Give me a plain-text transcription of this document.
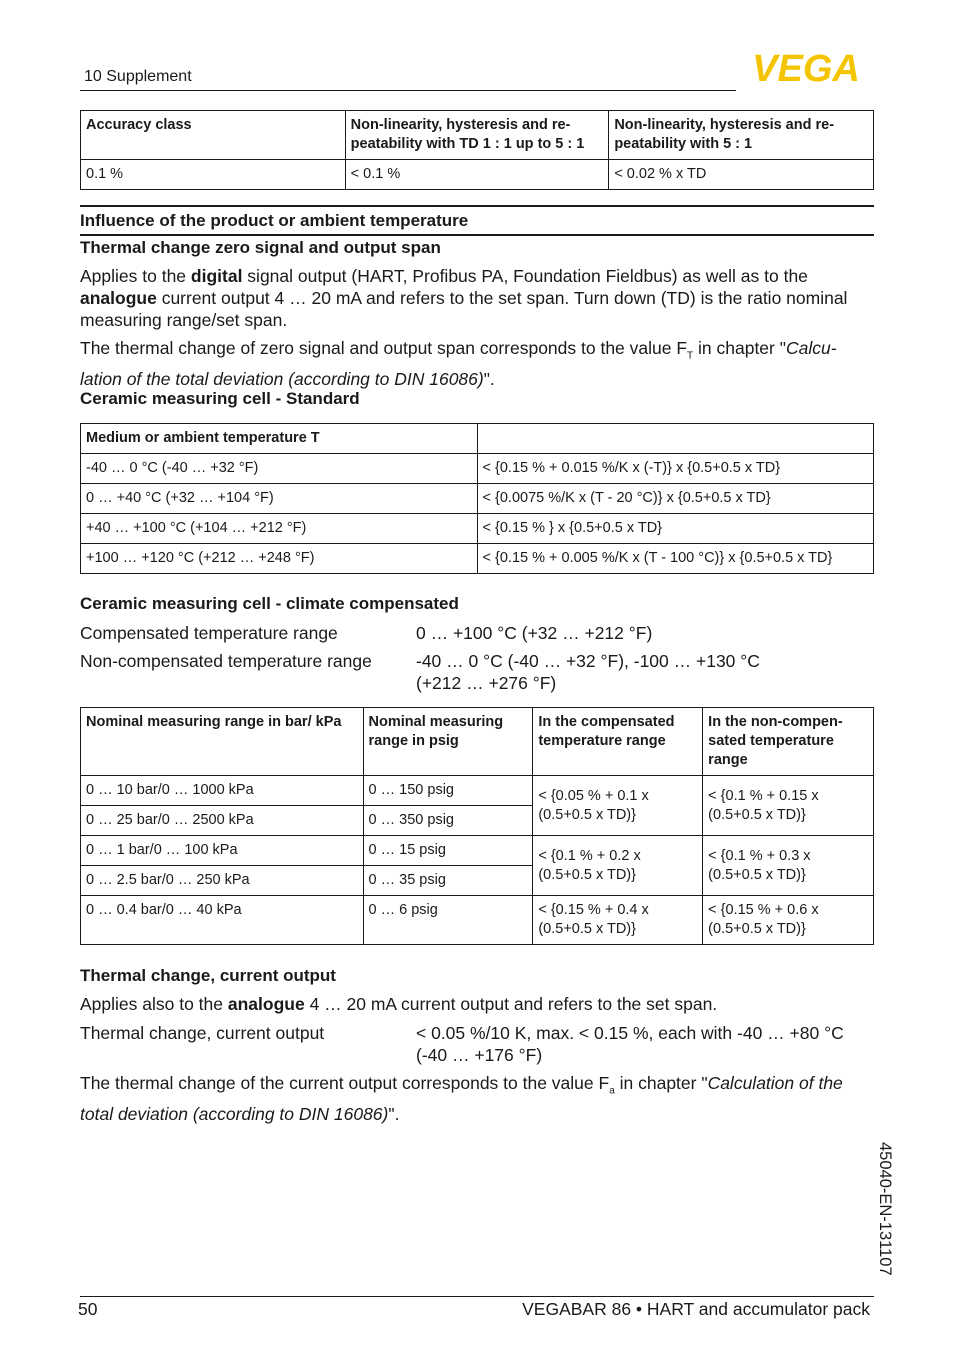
10 Supplement	VEGA
Accuracy class	Non-linearity, hysteresis and re-peatability with TD 1 : 1 up to 5 : 1	Non-linearity, hysteresis and re-peatability with 5 : 1
0.1 %	< 0.1 %	< 0.02 % x TD
Influence of the product or ambient temperature
Thermal change zero signal and output span
Applies to the digital signal output (HART, Profibus PA, Foundation Fieldbus) as well as to the analogue current output 4 … 20 mA and refers to the set span. Turn down (TD) is the ratio nominal measuring range/set span.
The thermal change of zero signal and output span corresponds to the value $F_T$ in chapter "Calcu-lation of the total deviation (according to DIN 16086)".
Ceramic measuring cell - Standard
Medium or ambient temperature T	
-40 … 0 °C (-40 … +32 °F)	< {0.15 % + 0.015 %/K x (-T)} x {0.5+0.5 x TD}
0 … +40 °C (+32 … +104 °F)	< {0.0075 %/K x (T - 20 °C)} x {0.5+0.5 x TD}
+40 … +100 °C (+104 … +212 °F)	< {0.15 % } x {0.5+0.5 x TD}
+100 … +120 °C (+212 … +248 °F)	< {0.15 % + 0.005 %/K x (T - 100 °C)} x {0.5+0.5 x TD}
Ceramic measuring cell - climate compensated
Compensated temperature range	0 … +100 °C (+32 … +212 °F)
Non-compensated temperature range	-40 … 0 °C (-40 … +32 °F), -100 … +130 °C (+212 … +276 °F)
Nominal measuring range in bar/ kPa	Nominal measuring range in psig	In the compensated temperature range	In the non-compen-sated temperature range
0 … 10 bar/0 … 1000 kPa	0 … 150 psig	< {0.05 % + 0.1 x (0.5+0.5 x TD)}	< {0.1 % + 0.15 x (0.5+0.5 x TD)}
0 … 25 bar/0 … 2500 kPa	0 … 350 psig		
0 … 1 bar/0 … 100 kPa	0 … 15 psig	< {0.1 % + 0.2 x (0.5+0.5 x TD)}	< {0.1 % + 0.3 x (0.5+0.5 x TD)}
0 … 2.5 bar/0 … 250 kPa	0 … 35 psig		
0 … 0.4 bar/0 … 40 kPa	0 … 6 psig	< {0.15 % + 0.4 x (0.5+0.5 x TD)}	< {0.15 % + 0.6 x (0.5+0.5 x TD)}
Thermal change, current output
Applies also to the analogue 4 … 20 mA current output and refers to the set span.
Thermal change, current output	< 0.05 %/10 K, max. < 0.15 %, each with -40 … +80 °C (-40 … +176 °F)
The thermal change of the current output corresponds to the value $F_a$ in chapter "Calculation of the total deviation (according to DIN 16086)".
45040-EN-131107
50	VEGABAR 86 • HART and accumulator pack
